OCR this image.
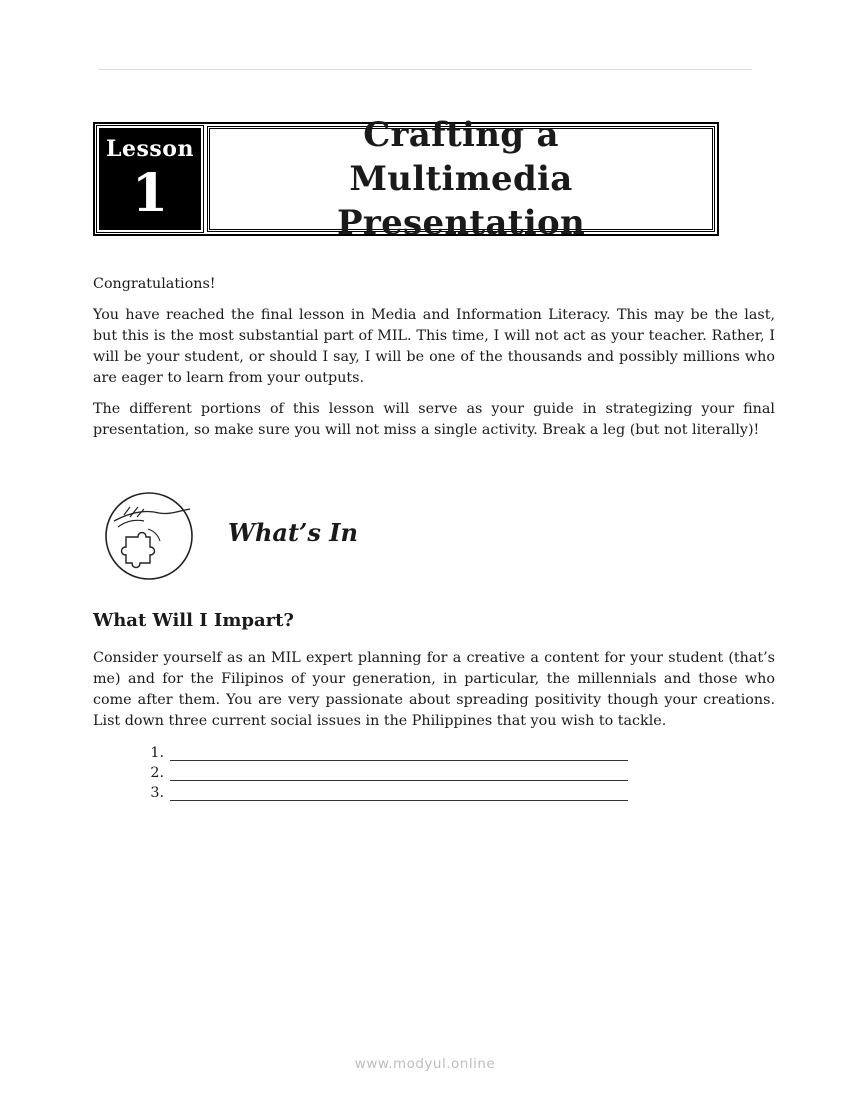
Lesson
1
Crafting a Multimedia Presentation

Congratulations!

You have reached the final lesson in Media and Information Literacy. This may be the last, but this is the most substantial part of MIL. This time, I will not act as your teacher. Rather, I will be your student, or should I say, I will be one of the thousands and possibly millions who are eager to learn from your outputs.

The different portions of this lesson will serve as your guide in strategizing your final presentation, so make sure you will not miss a single activity. Break a leg (but not literally)!

What’s In
What Will I Impart?

Consider yourself as an MIL expert planning for a creative a content for your student (that’s me) and for the Filipinos of your generation, in particular, the millennials and those who come after them. You are very passionate about spreading positivity though your creations. List down three current social issues in the Philippines that you wish to tackle.

1.
2.
3.
www.modyul.online
